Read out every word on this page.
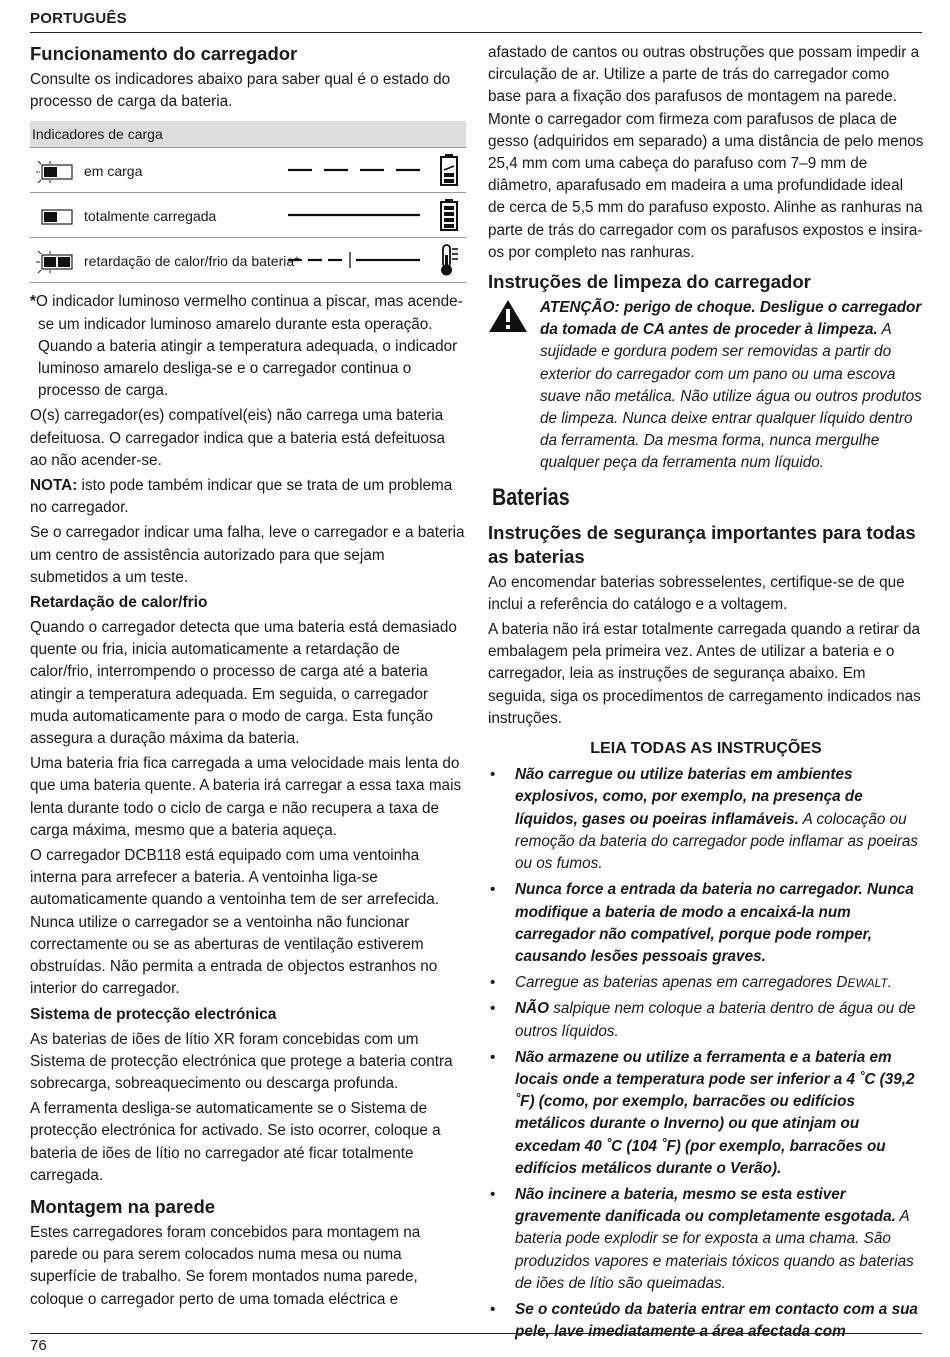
PORTUGUÊS
Funcionamento do carregador

Consulte os indicadores abaixo para saber qual é o estado do processo de carga da bateria.

Indicadores de carga
em carga
totalmente carregada
retardação de calor/frio da bateria*

*O indicador luminoso vermelho continua a piscar, mas acende-se um indicador luminoso amarelo durante esta operação. Quando a bateria atingir a temperatura adequada, o indicador luminoso amarelo desliga-se e o carregador continua o processo de carga.

O(s) carregador(es) compatível(eis) não carrega uma bateria defeituosa. O carregador indica que a bateria está defeituosa ao não acender-se.

NOTA: isto pode também indicar que se trata de um problema no carregador.

Se o carregador indicar uma falha, leve o carregador e a bateria um centro de assistência autorizado para que sejam submetidos a um teste.

Retardação de calor/frio

Quando o carregador detecta que uma bateria está demasiado quente ou fria, inicia automaticamente a retardação de calor/frio, interrompendo o processo de carga até a bateria atingir a temperatura adequada. Em seguida, o carregador muda automaticamente para o modo de carga. Esta função assegura a duração máxima da bateria.

Uma bateria fria fica carregada a uma velocidade mais lenta do que uma bateria quente. A bateria irá carregar a essa taxa mais lenta durante todo o ciclo de carga e não recupera a taxa de carga máxima, mesmo que a bateria aqueça.

O carregador DCB118 está equipado com uma ventoinha interna para arrefecer a bateria. A ventoinha liga-se automaticamente quando a ventoinha tem de ser arrefecida. Nunca utilize o carregador se a ventoinha não funcionar correctamente ou se as aberturas de ventilação estiverem obstruídas. Não permita a entrada de objectos estranhos no interior do carregador.

Sistema de protecção electrónica

As baterias de iões de lítio XR foram concebidas com um Sistema de protecção electrónica que protege a bateria contra sobrecarga, sobreaquecimento ou descarga profunda.

A ferramenta desliga-se automaticamente se o Sistema de protecção electrónica for activado. Se isto ocorrer, coloque a bateria de iões de lítio no carregador até ficar totalmente carregada.

Montagem na parede

Estes carregadores foram concebidos para montagem na parede ou para serem colocados numa mesa ou numa superfície de trabalho. Se forem montados numa parede, coloque o carregador perto de uma tomada eléctrica e

afastado de cantos ou outras obstruções que possam impedir a circulação de ar. Utilize a parte de trás do carregador como base para a fixação dos parafusos de montagem na parede. Monte o carregador com firmeza com parafusos de placa de gesso (adquiridos em separado) a uma distância de pelo menos 25,4 mm com uma cabeça do parafuso com 7–9 mm de diâmetro, aparafusado em madeira a uma profundidade ideal de cerca de 5,5 mm do parafuso exposto. Alinhe as ranhuras na parte de trás do carregador com os parafusos expostos e insira-os por completo nas ranhuras.

Instruções de limpeza do carregador
ATENÇÃO: perigo de choque. Desligue o carregador da tomada de CA antes de proceder à limpeza. A sujidade e gordura podem ser removidas a partir do exterior do carregador com um pano ou uma escova suave não metálica. Não utilize água ou outros produtos de limpeza. Nunca deixe entrar qualquer líquido dentro da ferramenta. Da mesma forma, nunca mergulhe qualquer peça da ferramenta num líquido.
Baterias
Instruções de segurança importantes para todas as baterias

Ao encomendar baterias sobresselentes, certifique-se de que inclui a referência do catálogo e a voltagem.

A bateria não irá estar totalmente carregada quando a retirar da embalagem pela primeira vez. Antes de utilizar a bateria e o carregador, leia as instruções de segurança abaixo. Em seguida, siga os procedimentos de carregamento indicados nas instruções.

LEIA TODAS AS INSTRUÇÕES
• Não carregue ou utilize baterias em ambientes explosivos, como, por exemplo, na presença de líquidos, gases ou poeiras inflamáveis. A colocação ou remoção da bateria do carregador pode inflamar as poeiras ou os fumos.
• Nunca force a entrada da bateria no carregador. Nunca modifique a bateria de modo a encaixá-la num carregador não compatível, porque pode romper, causando lesões pessoais graves.
• Carregue as baterias apenas em carregadores DEWALT.
• NÃO salpique nem coloque a bateria dentro de água ou de outros líquidos.
• Não armazene ou utilize a ferramenta e a bateria em locais onde a temperatura pode ser inferior a 4 ˚C (39,2 ˚F) (como, por exemplo, barracões ou edifícios metálicos durante o Inverno) ou que atinjam ou excedam 40 ˚C (104 ˚F) (por exemplo, barracões ou edifícios metálicos durante o Verão).
• Não incinere a bateria, mesmo se esta estiver gravemente danificada ou completamente esgotada. A bateria pode explodir se for exposta a uma chama. São produzidos vapores e materiais tóxicos quando as baterias de iões de lítio são queimadas.
• Se o conteúdo da bateria entrar em contacto com a sua pele, lave imediatamente a área afectada com
76
